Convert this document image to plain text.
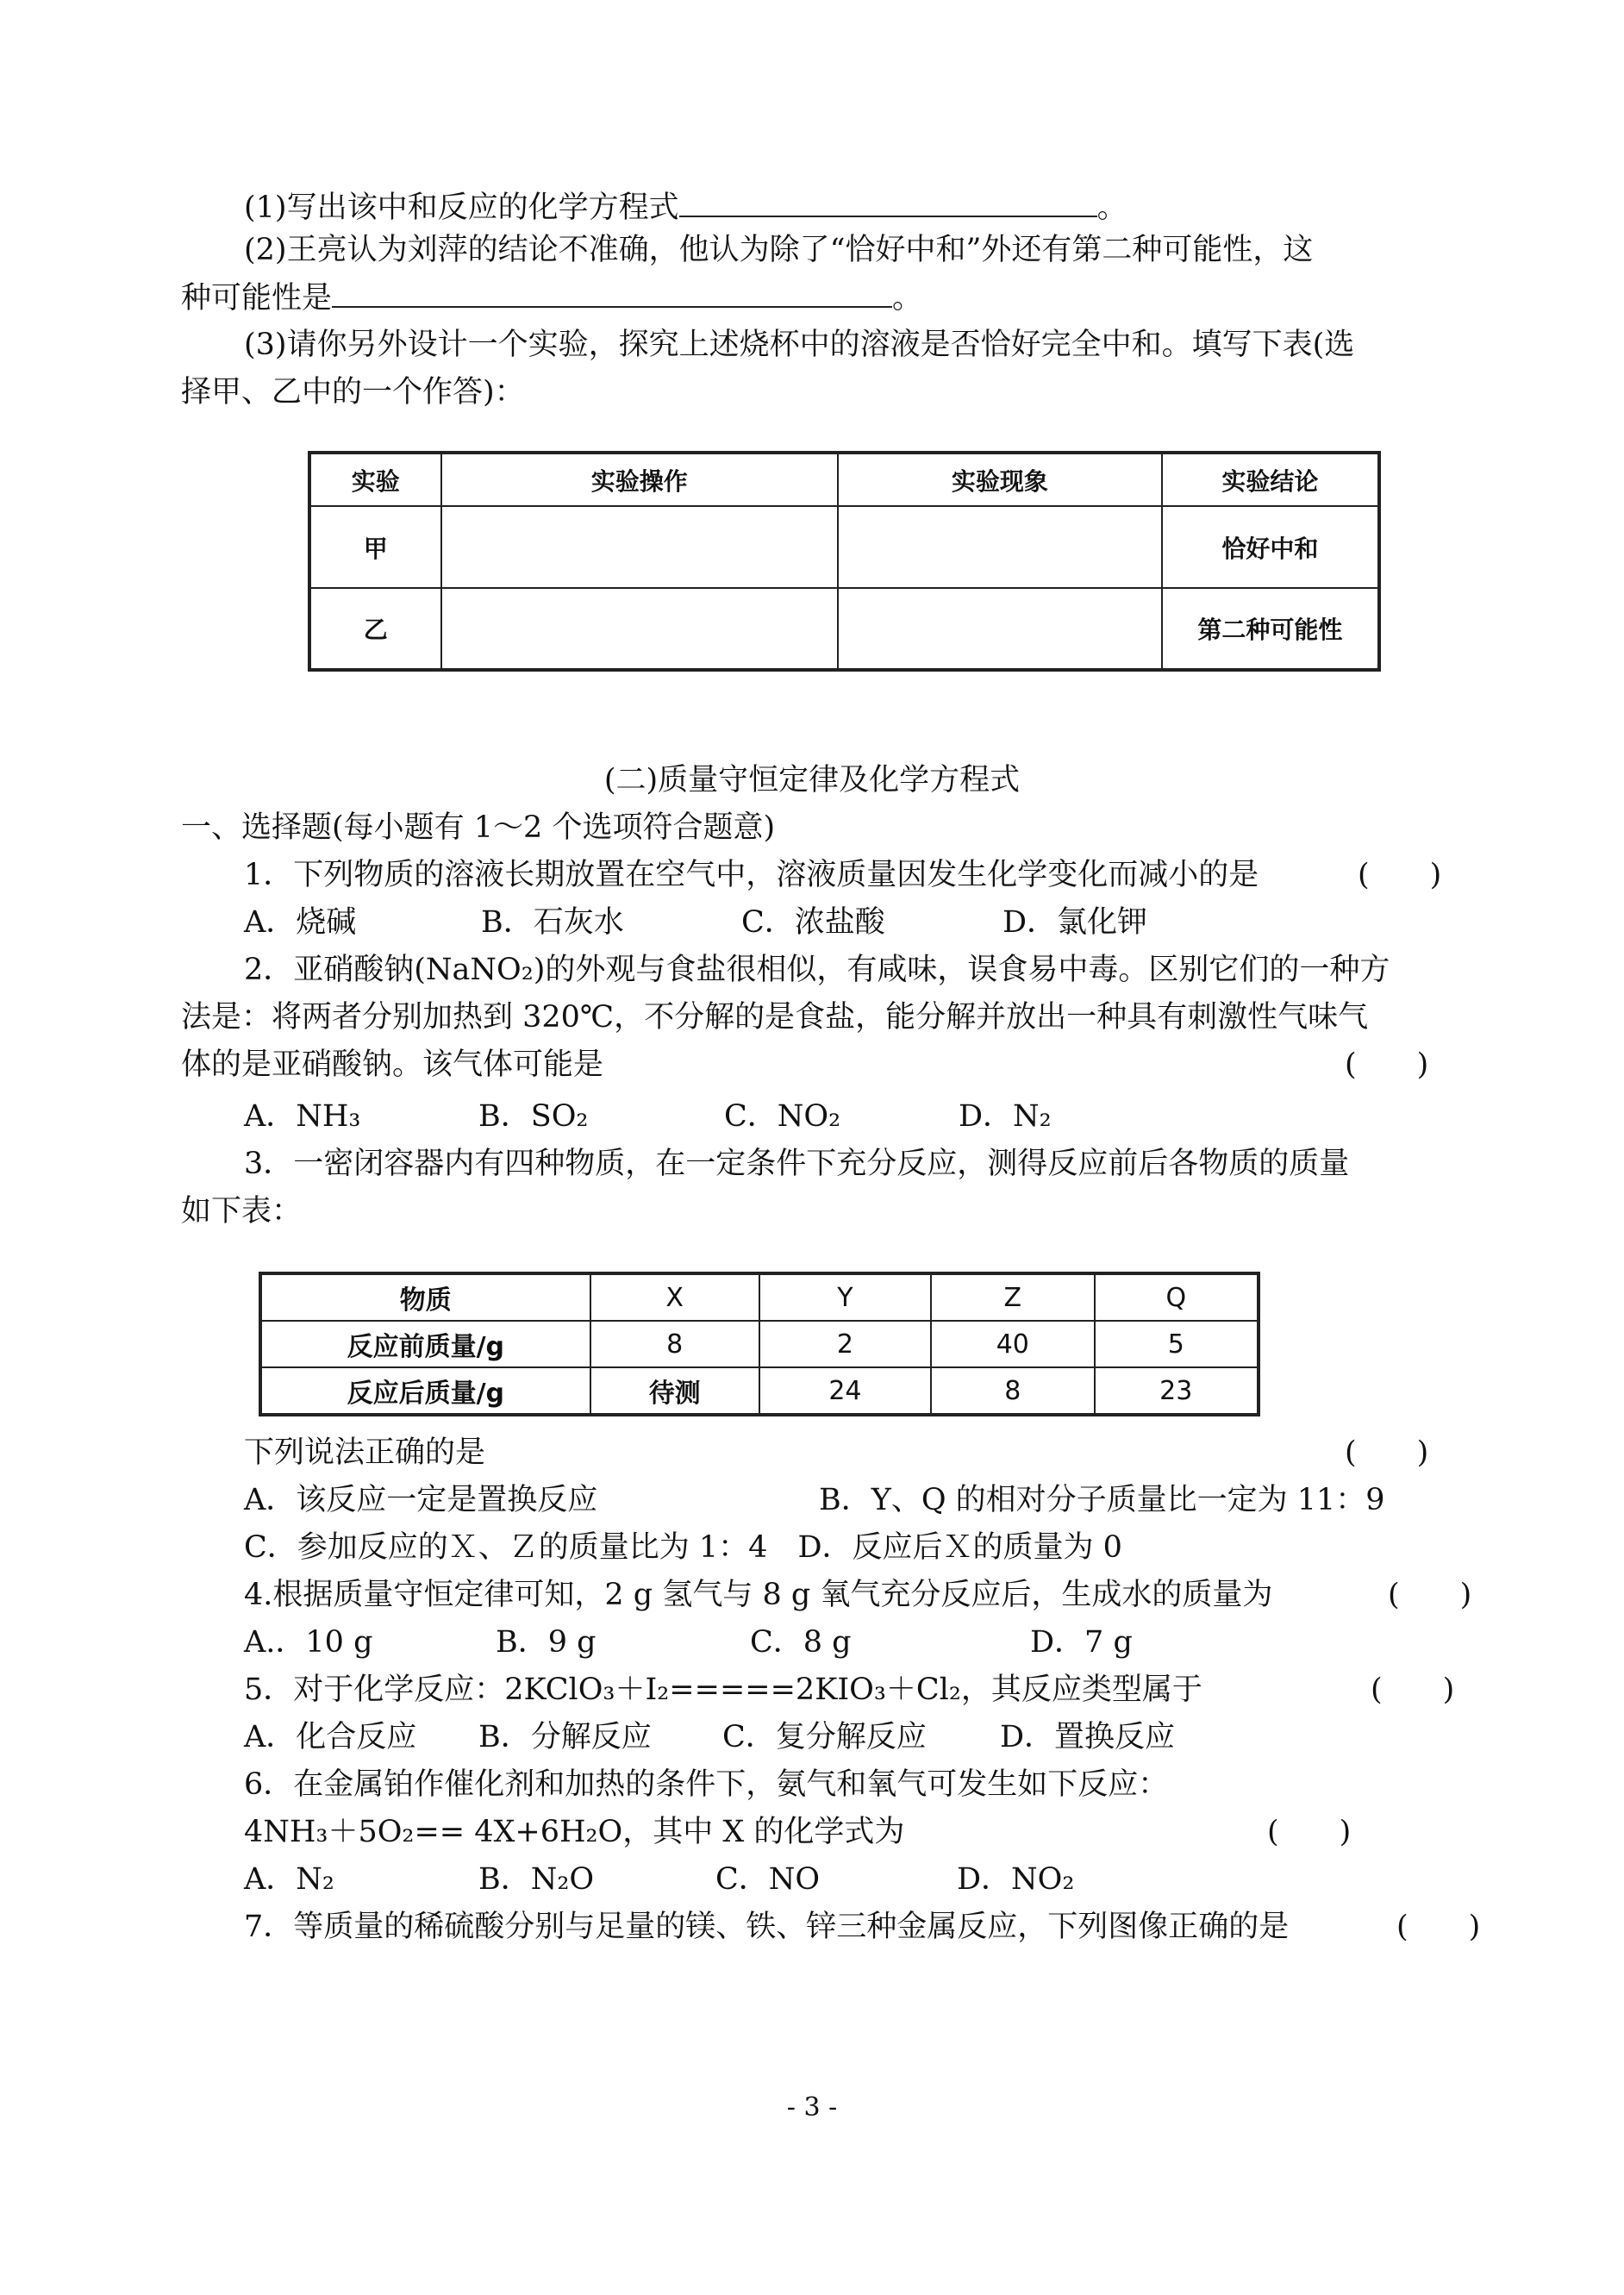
(1)写出该中和反应的化学方程式	。
(2)王亮认为刘萍的结论不准确，他认为除了“恰好中和”外还有第二种可能性，这
种可能性是	。
(3)请你另外设计一个实验，探究上述烧杯中的溶液是否恰好完全中和。填写下表(选
择甲、乙中的一个作答)：
实验	实验操作	实验现象	实验结论
甲			恰好中和
乙			第二种可能性
(二)质量守恒定律及化学方程式
一、选择题(每小题有 1～2 个选项符合题意)
1．下列物质的溶液长期放置在空气中，溶液质量因发生化学变化而减小的是	(　　)
A．烧碱	B．石灰水	C．浓盐酸	D．氯化钾
2．亚硝酸钠(NaNO₂)的外观与食盐很相似，有咸味，误食易中毒。区别它们的一种方
法是：将两者分别加热到 320℃，不分解的是食盐，能分解并放出一种具有刺激性气味气
体的是亚硝酸钠。该气体可能是	(　　)
A．NH₃	B．SO₂	C．NO₂	D．N₂
3．一密闭容器内有四种物质，在一定条件下充分反应，测得反应前后各物质的质量
如下表：
物质	X	Y	Z	Q
反应前质量/g	8	2	40	5
反应后质量/g	待测	24	8	23
下列说法正确的是	(　　)
A．该反应一定是置换反应	B．Y、Q 的相对分子质量比一定为 11：9
C．参加反应的Ｘ、Ｚ的质量比为 1：4　D．反应后Ｘ的质量为 0
4.根据质量守恒定律可知，2 g 氢气与 8 g 氧气充分反应后，生成水的质量为	(　　)
A.．10 g	B．9 g	C．8 g	D．7 g
5．对于化学反应：2KClO₃＋I₂=====2KIO₃＋Cl₂，其反应类型属于	(　　)
A．化合反应 B．分解反应 C．复分解反应 D．置换反应
6．在金属铂作催化剂和加热的条件下，氨气和氧气可发生如下反应：
4NH₃＋5O₂== 4X+6H₂O，其中 X 的化学式为	(　　)
A．N₂	B．N₂O	C．NO	D．NO₂
7．等质量的稀硫酸分别与足量的镁、铁、锌三种金属反应，下列图像正确的是	(　　)
- 3 -
